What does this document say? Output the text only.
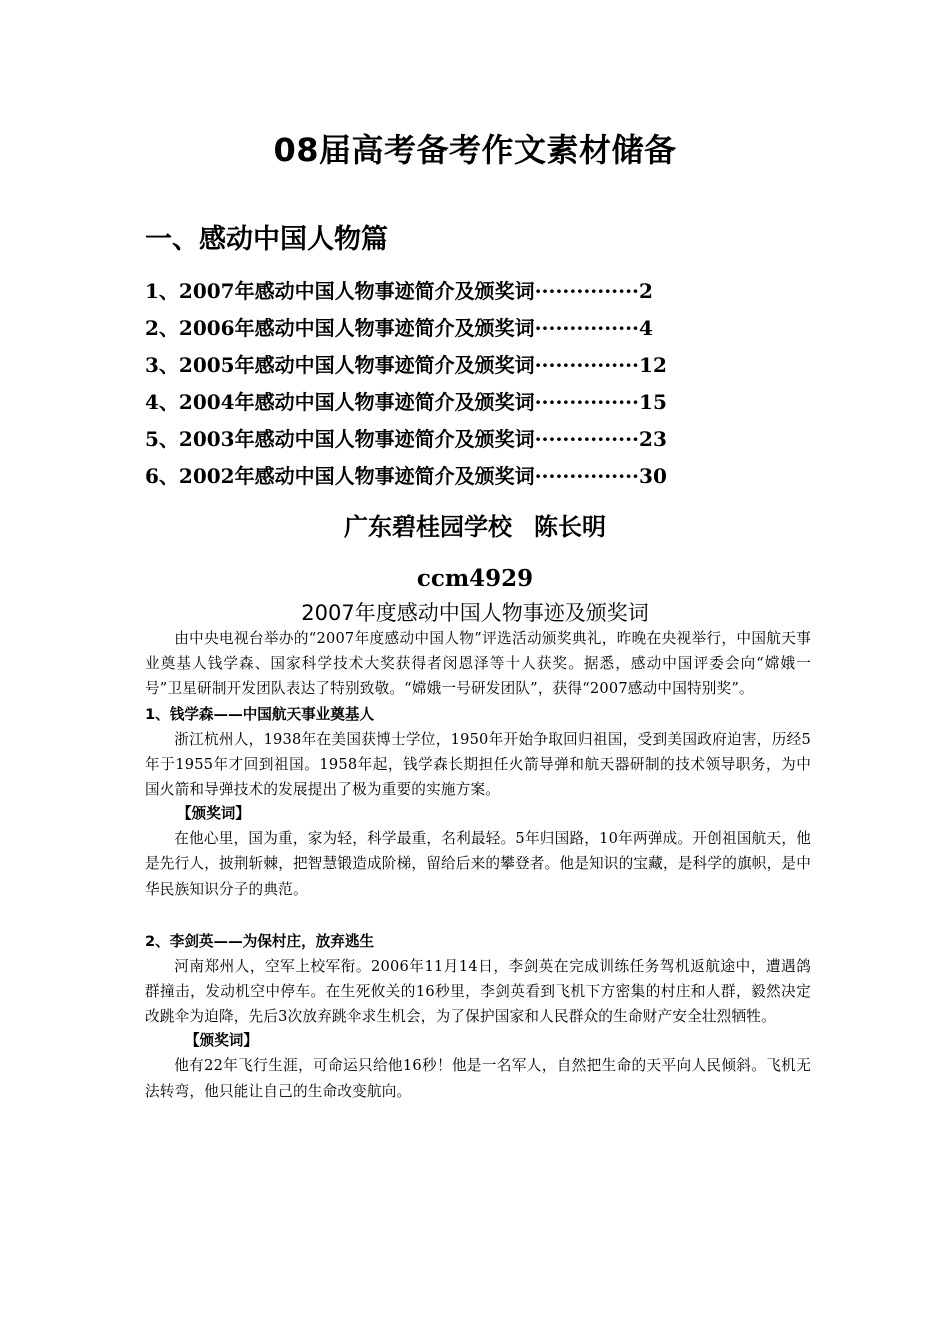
08届高考备考作文素材储备
一、感动中国人物篇
1、2007年感动中国人物事迹简介及颁奖词···············2
2、2006年感动中国人物事迹简介及颁奖词···············4
3、2005年感动中国人物事迹简介及颁奖词···············12
4、2004年感动中国人物事迹简介及颁奖词···············15
5、2003年感动中国人物事迹简介及颁奖词···············23
6、2002年感动中国人物事迹简介及颁奖词···············30
广东碧桂园学校 陈长明
ccm4929
2007年度感动中国人物事迹及颁奖词

由中央电视台举办的“2007年度感动中国人物”评选活动颁奖典礼，昨晚在央视举行，中国航天事业奠基人钱学森、国家科学技术大奖获得者闵恩泽等十人获奖。据悉，感动中国评委会向“嫦娥一号”卫星研制开发团队表达了特别致敬。“嫦娥一号研发团队”，获得“2007感动中国特别奖”。

1、钱学森——中国航天事业奠基人

浙江杭州人，1938年在美国获博士学位，1950年开始争取回归祖国，受到美国政府迫害，历经5年于1955年才回到祖国。1958年起，钱学森长期担任火箭导弹和航天器研制的技术领导职务，为中国火箭和导弹技术的发展提出了极为重要的实施方案。

【颁奖词】

在他心里，国为重，家为轻，科学最重，名利最轻。5年归国路，10年两弹成。开创祖国航天，他是先行人，披荆斩棘，把智慧锻造成阶梯，留给后来的攀登者。他是知识的宝藏，是科学的旗帜，是中华民族知识分子的典范。

2、李剑英——为保村庄，放弃逃生

河南郑州人，空军上校军衔。2006年11月14日，李剑英在完成训练任务驾机返航途中，遭遇鸽群撞击，发动机空中停车。在生死攸关的16秒里，李剑英看到飞机下方密集的村庄和人群，毅然决定改跳伞为迫降，先后3次放弃跳伞求生机会，为了保护国家和人民群众的生命财产安全壮烈牺牲。

【颁奖词】

他有22年飞行生涯，可命运只给他16秒！他是一名军人，自然把生命的天平向人民倾斜。飞机无法转弯，他只能让自己的生命改变航向。
